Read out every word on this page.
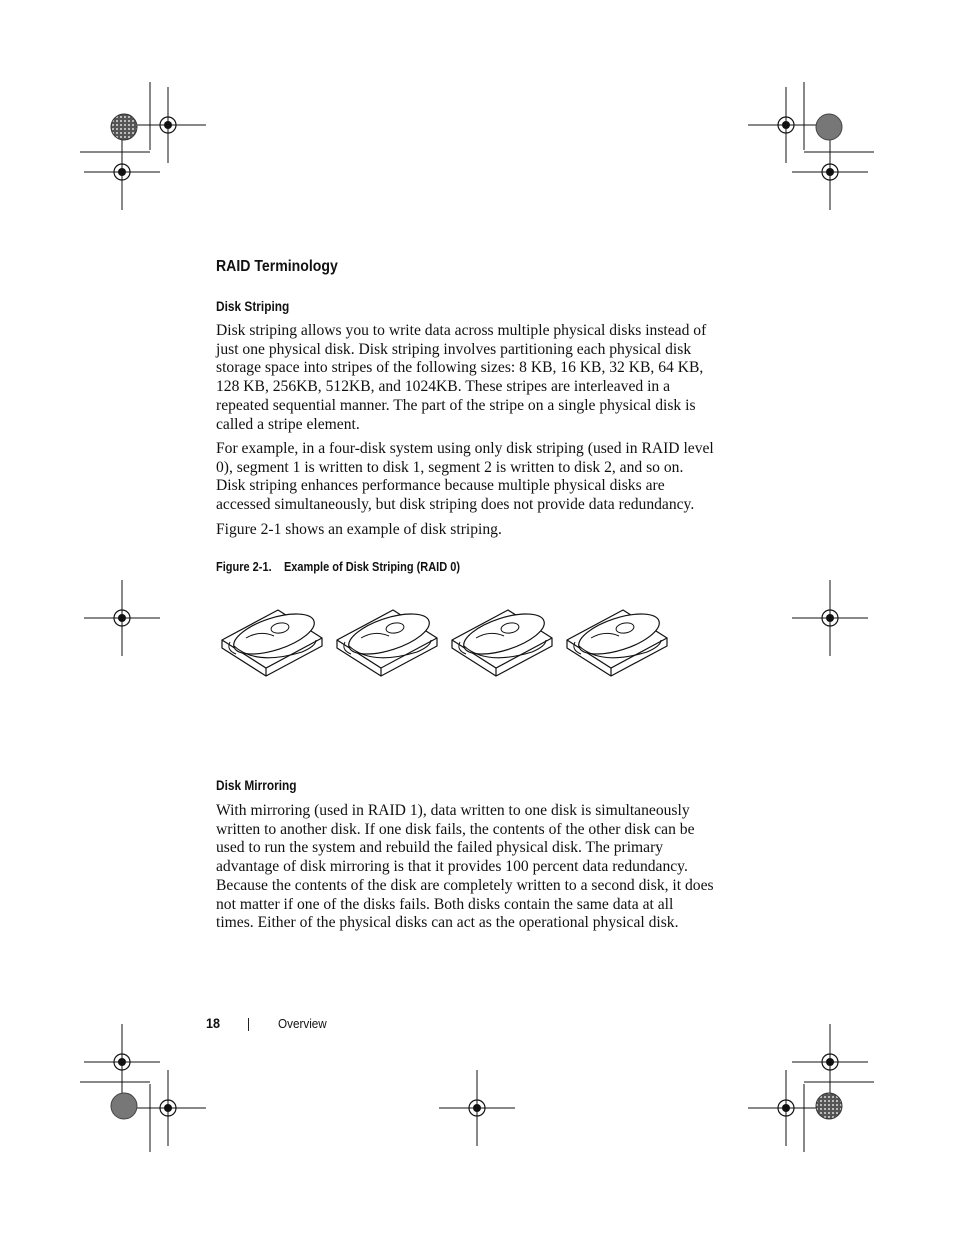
RAID Terminology
Disk Striping

Disk striping allows you to write data across multiple physical disks instead of just one physical disk. Disk striping involves partitioning each physical disk storage space into stripes of the following sizes: 8 KB, 16 KB, 32 KB, 64 KB, 128 KB, 256KB, 512KB, and 1024KB. These stripes are interleaved in a repeated sequential manner. The part of the stripe on a single physical disk is called a stripe element.

For example, in a four-disk system using only disk striping (used in RAID level 0), segment 1 is written to disk 1, segment 2 is written to disk 2, and so on. Disk striping enhances performance because multiple physical disks are accessed simultaneously, but disk striping does not provide data redundancy.

Figure 2-1 shows an example of disk striping.

Figure 2-1. Example of Disk Striping (RAID 0)
Disk Mirroring

With mirroring (used in RAID 1), data written to one disk is simultaneously written to another disk. If one disk fails, the contents of the other disk can be used to run the system and rebuild the failed physical disk. The primary advantage of disk mirroring is that it provides 100 percent data redundancy. Because the contents of the disk are completely written to a second disk, it does not matter if one of the disks fails. Both disks contain the same data at all times. Either of the physical disks can act as the operational physical disk.

18	Overview
